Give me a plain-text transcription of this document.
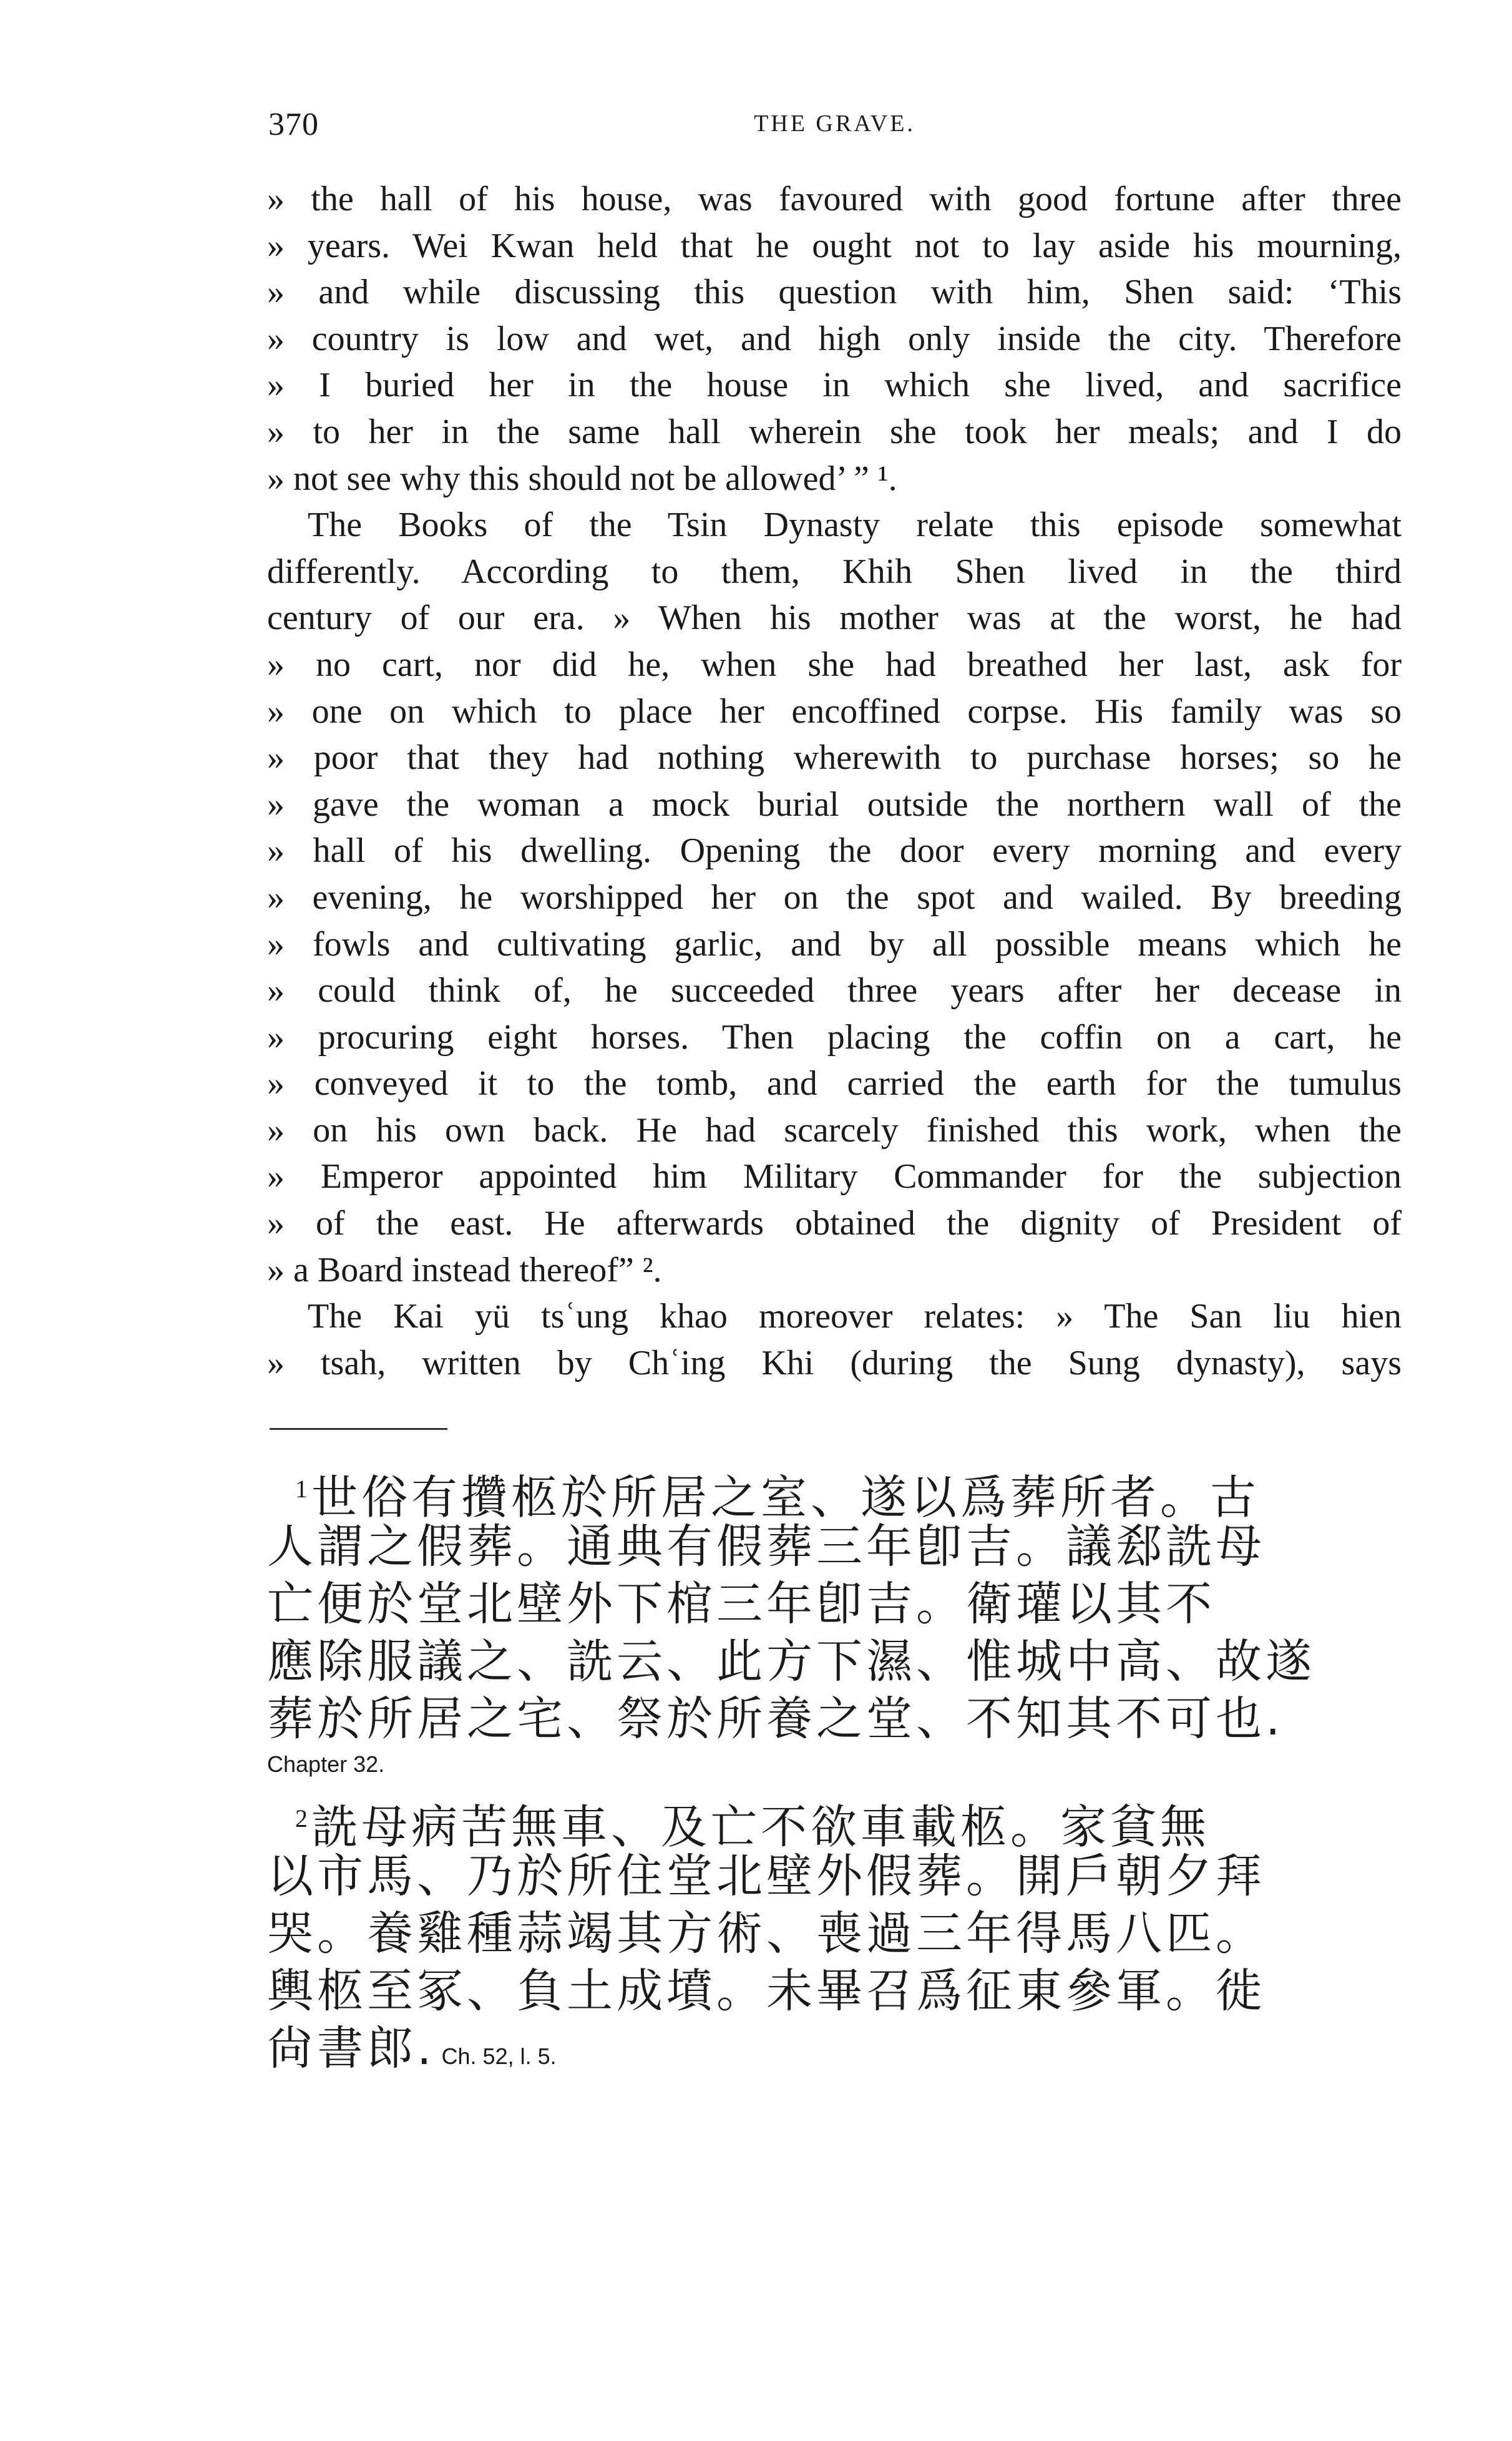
370	THE GRAVE.
» the hall of his house, was favoured with good fortune after three
» years. Wei Kwan held that he ought not to lay aside his mourning,
» and while discussing this question with him, Shen said: ‘This
» country is low and wet, and high only inside the city. Therefore
» I buried her in the house in which she lived, and sacrifice
» to her in the same hall wherein she took her meals; and I do
» not see why this should not be allowed’ ” ¹.
The Books of the Tsin Dynasty relate this episode somewhat
differently. According to them, Khih Shen lived in the third
century of our era. » When his mother was at the worst, he had
» no cart, nor did he, when she had breathed her last, ask for
» one on which to place her encoffined corpse. His family was so
» poor that they had nothing wherewith to purchase horses; so he
» gave the woman a mock burial outside the northern wall of the
» hall of his dwelling. Opening the door every morning and every
» evening, he worshipped her on the spot and wailed. By breeding
» fowls and cultivating garlic, and by all possible means which he
» could think of, he succeeded three years after her decease in
» procuring eight horses. Then placing the coffin on a cart, he
» conveyed it to the tomb, and carried the earth for the tumulus
» on his own back. He had scarcely finished this work, when the
» Emperor appointed him Military Commander for the subjection
» of the east. He afterwards obtained the dignity of President of
» a Board instead thereof” ².
The Kai yü tsʿung khao moreover relates: » The San liu hien
» tsah, written by Chʿing Khi (during the Sung dynasty), says
$^1$世俗有攢柩於所居之室、遂以爲葬所者。古
人謂之假葬。通典有假葬三年卽吉。議郄詵母
亡便於堂北壁外下棺三年卽吉。衛瓘以其不
應除服議之、詵云、此方下濕、惟城中高、故遂
葬於所居之宅、祭於所養之堂、不知其不可也.
Chapter 32.
$^2$詵母病苦無車、及亡不欲車載柩。家貧無
以市馬、乃於所住堂北壁外假葬。開戶朝夕拜
哭。養雞種蒜竭其方術、喪過三年得馬八匹。
輿柩至冢、負土成墳。未畢召爲征東參軍。徙
尙書郎. Ch. 52, l. 5.
